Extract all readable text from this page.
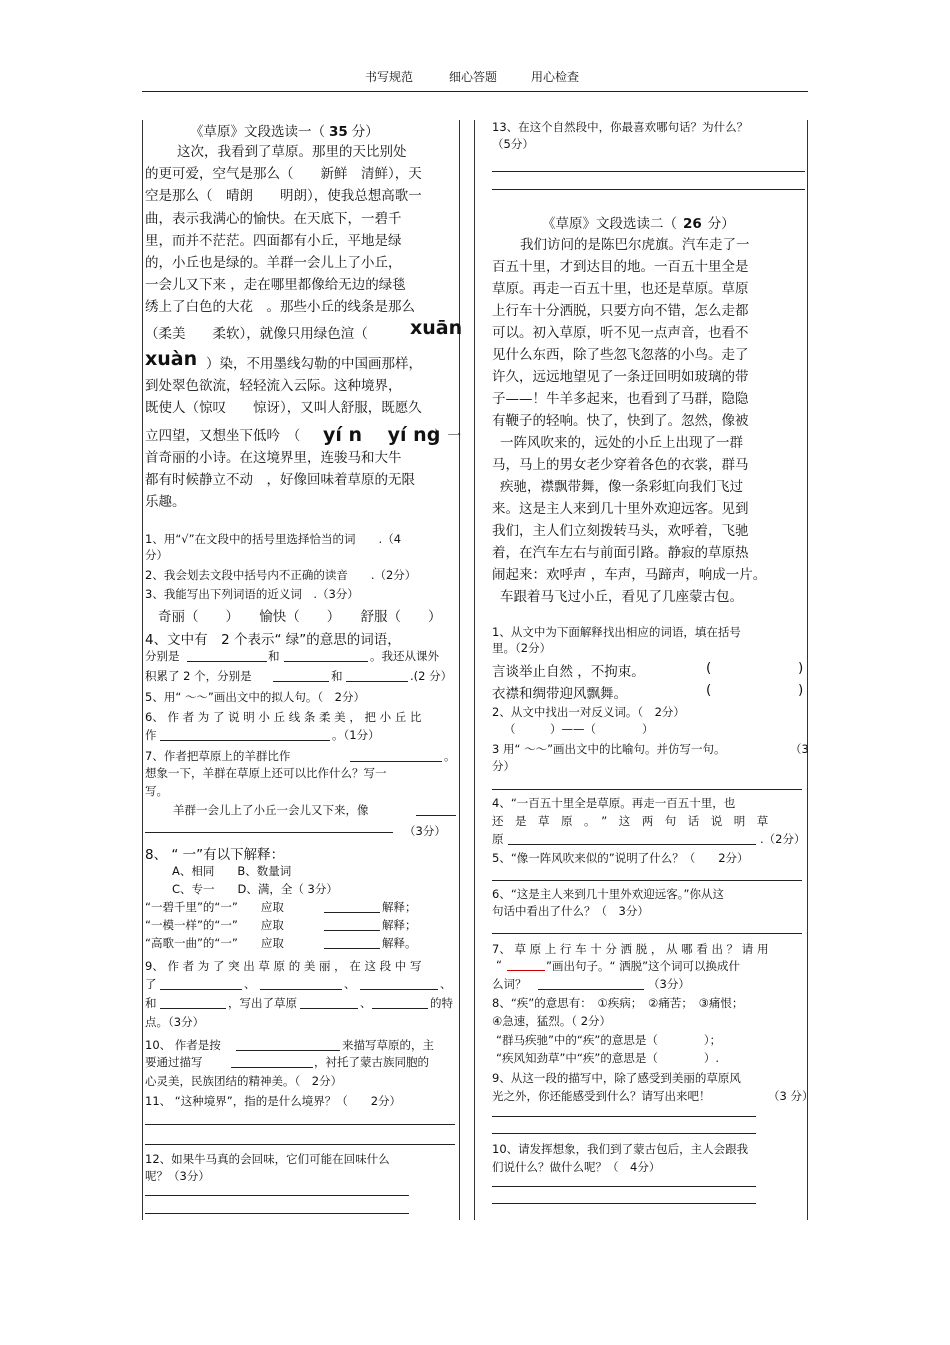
书写规范	细心答题	用心检查
《草原》文段选读一（ 35 分）
这次，我看到了草原。那里的天比别处
的更可爱，空气是那么（　　新鲜　清鲜），天
空是那么（　晴朗　　明朗），使我总想高歌一
曲，表示我满心的愉快。在天底下，一碧千
里，而并不茫茫。四面都有小丘，平地是绿
的，小丘也是绿的。羊群一会儿上了小丘，
一会儿又下来 ，走在哪里都像给无边的绿毯
绣上了白色的大花　。那些小丘的线条是那么
（柔美　　柔软），就像只用绿色渲（ xuān
xuàn ）染，不用墨线勾勒的中国画那样，
到处翠色欲流，轻轻流入云际。这种境界，
既使人（惊叹　　惊讶），又叫人舒服，既愿久
立四望，又想坐下低吟　（ yí n　 yí ng
）一
首奇丽的小诗。在这境界里，连骏马和大牛
都有时候静立不动　，好像回味着草原的无限
乐趣。
1、用“√”在文段中的括号里选择恰当的词　　.（4
分）
2、我会划去文段中括号内不正确的读音　　.（2分）
3、我能写出下列词语的近义词　.（3分）
奇丽（　　）　　愉快（　　）　　舒服（　　）
4、文中有　2 个表示“ 绿”的意思的词语，
分别是	和	。我还从课外
积累了 2 个，分别是	和	.(2 分）
5、用“ ～～”画出文中的拟人句。（　2分）
6、 作 者 为 了 说 明 小 丘 线 条 柔 美 ， 把 小 丘 比
作	。（1分）
7、作者把草原上的羊群比作	。
想象一下，羊群在草原上还可以比作什么？写一
写。
羊群一会儿上了小丘一会儿又下来，像
（3分）
8、 “ 一”有以下解释：
A、相同　　B、数量词
C、专一　　D、满，全（ 3分）
“一碧千里”的“一”　　应取	解释；
“一模一样”的“一”　　应取	解释；
“高歌一曲”的“一”　　应取	解释。
9、 作 者 为 了 突 出 草 原 的 美 丽 ， 在 这 段 中 写
了	、	、	、
和	，写出了草原	、	的特
点。（3分）
10、 作者是按	来描写草原的，主
要通过描写	，衬托了蒙古族同胞的
心灵美，民族团结的精神美。（　2分）
11、 “这种境界”，指的是什么境界？（　　2分）
12、如果牛马真的会回味，它们可能在回味什么
呢？（3分）
13、在这个自然段中，你最喜欢哪句话？为什么？
（5分）
《草原》文段选读二（ 26 分）
我们访问的是陈巴尔虎旗。汽车走了一
百五十里，才到达目的地。一百五十里全是
草原。再走一百五十里，也还是草原。草原
上行车十分洒脱，只要方向不错，怎么走都
可以。初入草原，听不见一点声音，也看不
见什么东西，除了些忽飞忽落的小鸟。走了
许久，远远地望见了一条迂回明如玻璃的带
子——！牛羊多起来，也看到了马群，隐隐
有鞭子的轻响。快了，快到了。忽然，像被
一阵风吹来的，远处的小丘上出现了一群
马，马上的男女老少穿着各色的衣裳，群马
疾驰，襟飘带舞，像一条彩虹向我们飞过
来。这是主人来到几十里外欢迎远客。见到
我们，主人们立刻拨转马头，欢呼着，飞驰
着，在汽车左右与前面引路。静寂的草原热
闹起来：欢呼声 ，车声，马蹄声，响成一片。
车跟着马飞过小丘，看见了几座蒙古包。
1、从文中为下面解释找出相应的词语，填在括号
里。（2分）
言谈举止自然 ，不拘束。	(	)
衣襟和绸带迎风飘舞。	(	)
2、从文中找出一对反义词。（　2分）
（　　　）——（　　　　）
3 用“ ～～”画出文中的比喻句。并仿写一句。	（3
分）
4、“一百五十里全是草原。再走一百五十里，也
还　是　草　原　。　”　这　两　句　话　说　明　草
原	.（2分）
5、“像一阵风吹来似的”说明了什么？（　　2分）
6、“这是主人来到几十里外欢迎远客。”你从这
句话中看出了什么？（　3分）
7、 草 原 上 行 车 十 分 洒 脱 ， 从 哪 看 出 ？ 请 用
“	”画出句子。“ 洒脱”这个词可以换成什
么词？	（3分）
8、“疾”的意思有：　①疾病；　②痛苦；　③痛恨；
④急速，猛烈。（ 2分）
“群马疾驰”中的“疾”的意思是（　　　　）；
“疾风知劲草”中“疾”的意思是（　　　　）.
9、从这一段的描写中，除了感受到美丽的草原风
光之外，你还能感受到什么？请写出来吧！	（3 分）
10、请发挥想象，我们到了蒙古包后，主人会跟我
们说什么？做什么呢？（　4分）
